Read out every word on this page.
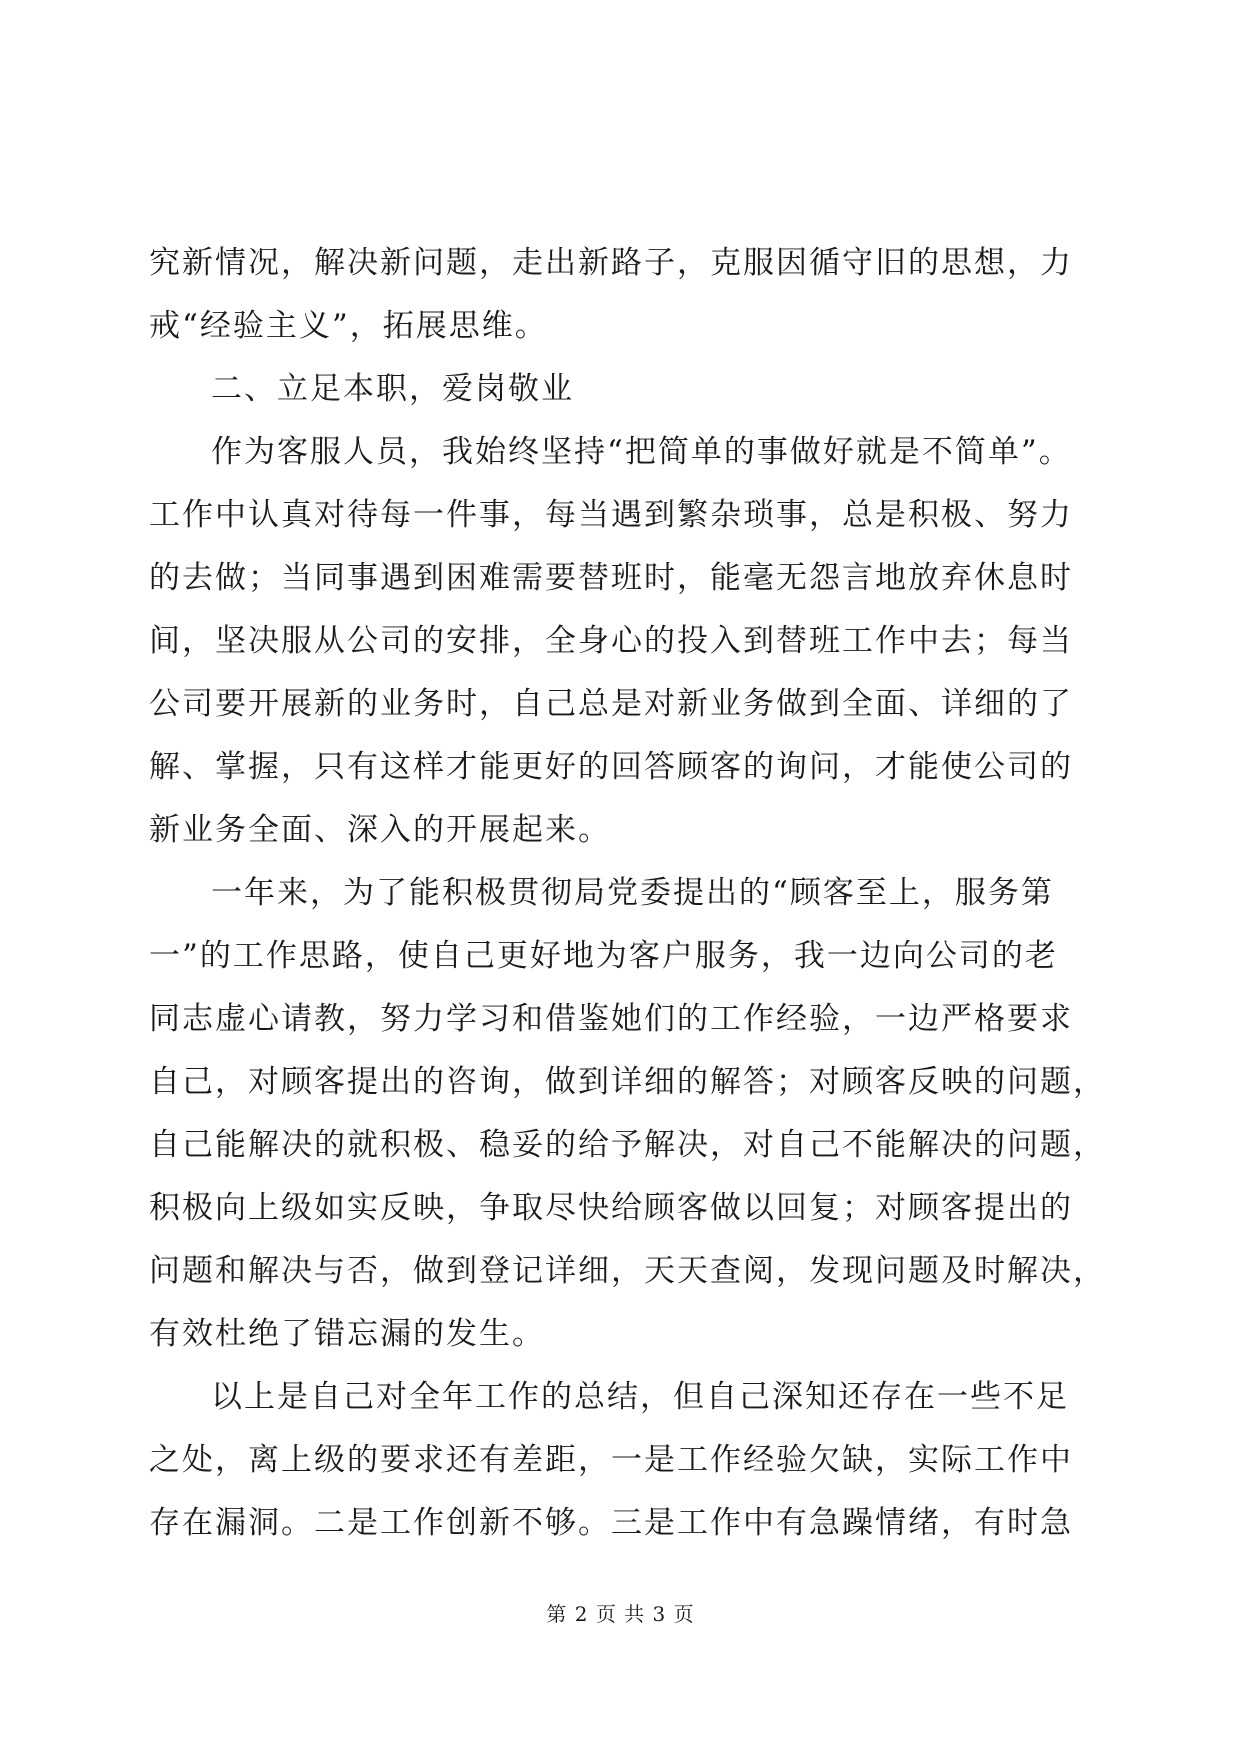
究新情况，解决新问题，走出新路子，克服因循守旧的思想，力
戒“经验主义”，拓展思维。
二、立足本职，爱岗敬业
作为客服人员，我始终坚持“把简单的事做好就是不简单”。
工作中认真对待每一件事，每当遇到繁杂琐事，总是积极、努力
的去做；当同事遇到困难需要替班时，能毫无怨言地放弃休息时
间，坚决服从公司的安排，全身心的投入到替班工作中去；每当
公司要开展新的业务时，自己总是对新业务做到全面、详细的了
解、掌握，只有这样才能更好的回答顾客的询问，才能使公司的
新业务全面、深入的开展起来。
一年来，为了能积极贯彻局党委提出的“顾客至上，服务第
一”的工作思路，使自己更好地为客户服务，我一边向公司的老
同志虚心请教，努力学习和借鉴她们的工作经验，一边严格要求
自己，对顾客提出的咨询，做到详细的解答；对顾客反映的问题，
自己能解决的就积极、稳妥的给予解决，对自己不能解决的问题，
积极向上级如实反映，争取尽快给顾客做以回复；对顾客提出的
问题和解决与否，做到登记详细，天天查阅，发现问题及时解决，
有效杜绝了错忘漏的发生。
以上是自己对全年工作的总结，但自己深知还存在一些不足
之处，离上级的要求还有差距，一是工作经验欠缺，实际工作中
存在漏洞。二是工作创新不够。三是工作中有急躁情绪，有时急
第 2 页 共 3 页
